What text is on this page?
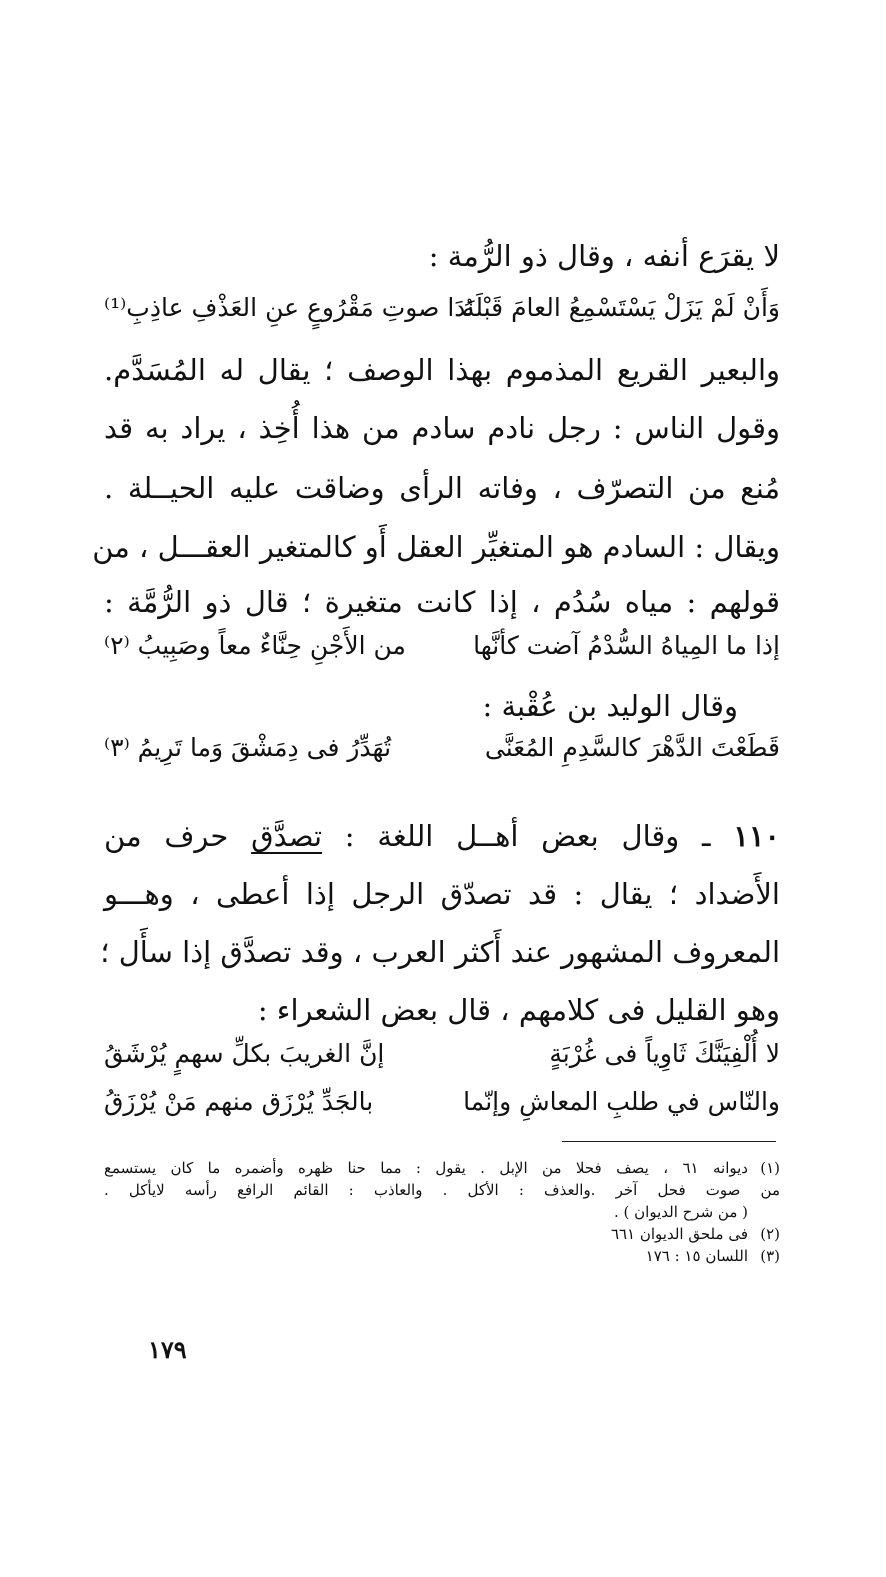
لا يقرَع أنفه ، وقال ذو الرُّمة :
وَأَنْ لَمْ يَزَلْ يَسْتَسْمِعُ العامَ قَبْلَهُ
نَدَا صوتِ مَقْرُوعٍ عنِ العَذْفِ عاذِبِ⁽¹⁾
والبعير القريع المذموم بهذا الوصف ؛ يقال له المُسَدَّم.
وقول الناس : رجل نادم سادم من هذا أُخِذ ، يراد به قد
مُنع من التصرّف ، وفاته الرأى وضاقت عليه الحيــلة .
ويقال : السادم هو المتغيِّر العقل أَو كالمتغير العقـــل ، من
قولهم : مياه سُدُم ، إذا كانت متغيرة ؛ قال ذو الرُّمَّة :
إذا ما المِياهُ السُّدْمُ آضت كأنَّها
من الأَجْنِ حِنَّاءٌ معاً وصَبِيبُ ⁽٢⁾
وقال الوليد بن عُقْبة :
قَطَعْتَ الدَّهْرَ كالسَّدِمِ المُعَنَّى
تُهَدِّرُ فى دِمَشْقَ وَما تَرِيمُ ⁽٣⁾
١١٠ ـ وقال بعض أهــل اللغة : تصدَّق حرف من
الأَضداد ؛ يقال : قد تصدّق الرجل إذا أعطى ، وهـــو
المعروف المشهور عند أَكثر العرب ، وقد تصدَّق إذا سأَل ؛
وهو القليل فى كلامهم ، قال بعض الشعراء :
لا أُلْفِيَنَّكَ ثَاوِياً فى غُرْبَةٍ
إنَّ الغريبَ بكلِّ سهمٍ يُرْشَقُ
والنّاس في طلبِ المعاشِ وإنّما
بالجَدِّ يُرْزَق منهم مَنْ يُرْزَقُ
(١)ديوانه ٦١ ، يصف فحلا من الإبل . يقول : مما حنا ظهره وأضمره ما كان يستسمع
من صوت فحل آخر .والعذف : الأكل . والعاذب : القائم الرافع رأسه لايأكل .
( من شرح الديوان ) .
(٢)فى ملحق الديوان ٦٦١
(٣)اللسان ١٥ : ١٧٦
١٧٩
